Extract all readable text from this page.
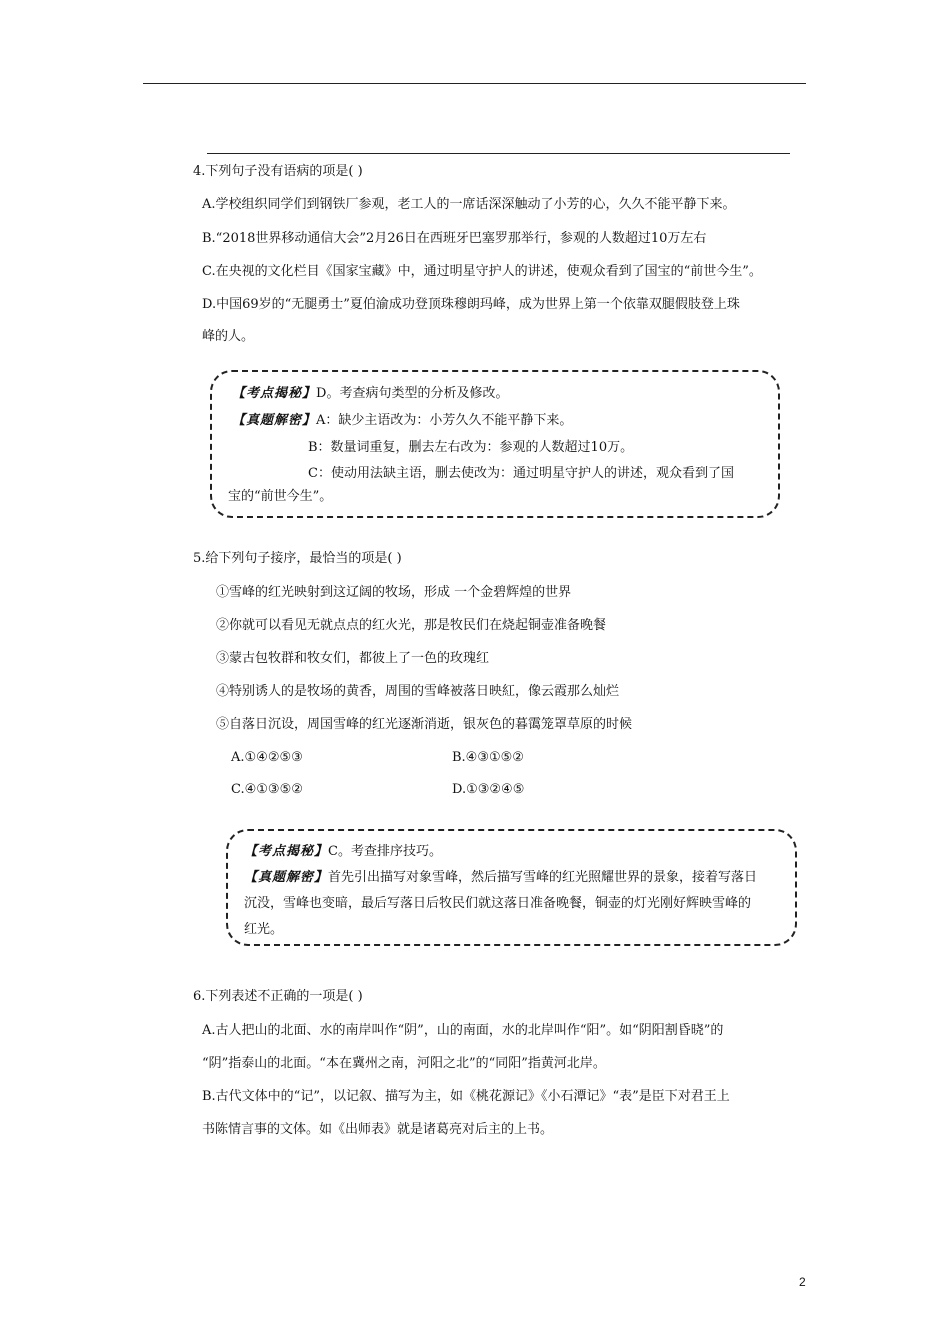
4.下列句子没有语病的项是( )
A.学校组织同学们到钢铁厂参观，老工人的一席话深深触动了小芳的心，久久不能平静下来。
B.“2018世界移动通信大会”2月26日在西班牙巴塞罗那举行，参观的人数超过10万左右
C.在央视的文化栏目《国家宝藏》中，通过明星守护人的讲述，使观众看到了国宝的“前世今生”。
D.中国69岁的“无腿勇士”夏伯渝成功登顶珠穆朗玛峰，成为世界上第一个依靠双腿假肢登上珠
峰的人。
【考点揭秘】D。考查病句类型的分析及修改。
【真题解密】A：缺少主语改为：小芳久久不能平静下来。
B：数量词重复，删去左右改为：参观的人数超过10万。
C：使动用法缺主语，删去使改为：通过明星守护人的讲述，观众看到了国
宝的“前世今生”。
5.给下列句子接序，最恰当的项是( )
①雪峰的红光映射到这辽阔的牧场，形成 一个金碧辉煌的世界
②你就可以看见无就点点的红火光，那是牧民们在烧起铜壶准备晚餐
③蒙古包牧群和牧女们，都彼上了一色的玫瑰红
④特别诱人的是牧场的黄香，周围的雪峰被落日映紅，像云霞那么灿烂
⑤自落日沉设，周国雪峰的红光逐渐消逝，银灰色的暮霭笼罩草原的时候
A.①④②⑤③	B.④③①⑤②
C.④①③⑤②	D.①③②④⑤
【考点揭秘】C。考查排序技巧。
【真题解密】首先引出描写对象雪峰，然后描写雪峰的红光照耀世界的景象，接着写落日
沉没，雪峰也变暗，最后写落日后牧民们就这落日准备晚餐，铜壶的灯光刚好辉映雪峰的
红光。
6.下列表述不正确的一项是( )
A.古人把山的北面、水的南岸叫作“阴”，山的南面，水的北岸叫作“阳”。如“阴阳割昏晓”的
“阴”指泰山的北面。“本在冀州之南，河阳之北”的“同阳”指黄河北岸。
B.古代文体中的“记”，以记叙、描写为主，如《桃花源记》《小石潭记》“表”是臣下对君王上
书陈情言事的文体。如《出师表》就是诸葛亮对后主的上书。
2
